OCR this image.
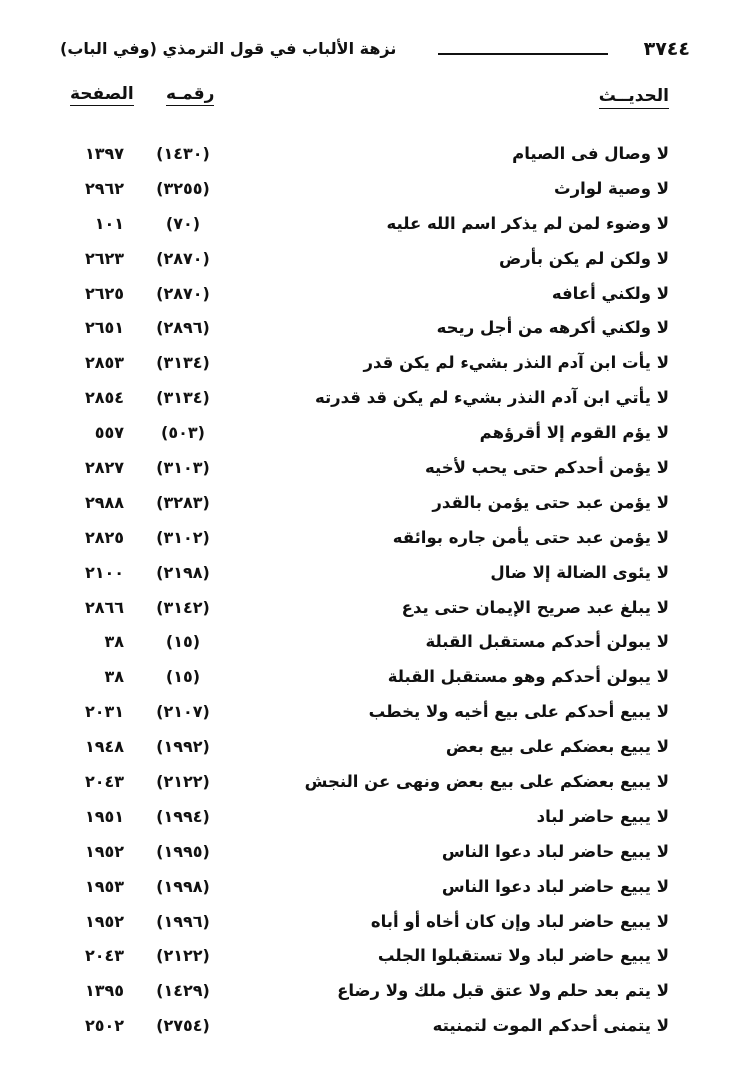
٣٧٤٤
نزهة الألباب في قول الترمذي (وفي الباب)
الحديــث
رقمـه
الصفحة
لا وصال فى الصيام
(١٤٣٠)
١٣٩٧
لا وصية لوارث
(٣٢٥٥)
٢٩٦٢
لا وضوء لمن لم يذكر اسم الله عليه
(٧٠)
١٠١
لا ولكن لم يكن بأرض
(٢٨٧٠)
٢٦٢٣
لا ولكني أعافه
(٢٨٧٠)
٢٦٢٥
لا ولكني أكرهه من أجل ريحه
(٢٨٩٦)
٢٦٥١
لا يأت ابن آدم النذر بشيء لم يكن قدر
(٣١٣٤)
٢٨٥٣
لا يأتي ابن آدم النذر بشيء لم يكن قد قدرته
(٣١٣٤)
٢٨٥٤
لا يؤم القوم إلا أقرؤهم
(٥٠٣)
٥٥٧
لا يؤمن أحدكم حتى يحب لأخيه
(٣١٠٣)
٢٨٢٧
لا يؤمن عبد حتى يؤمن بالقدر
(٣٢٨٣)
٢٩٨٨
لا يؤمن عبد حتى يأمن جاره بوائقه
(٣١٠٢)
٢٨٢٥
لا يئوى الضالة إلا ضال
(٢١٩٨)
٢١٠٠
لا يبلغ عبد صريح الإيمان حتى يدع
(٣١٤٢)
٢٨٦٦
لا يبولن أحدكم مستقبل القبلة
(١٥)
٣٨
لا يبولن أحدكم وهو مستقبل القبلة
(١٥)
٣٨
لا يبيع أحدكم على بيع أخيه ولا يخطب
(٢١٠٧)
٢٠٣١
لا يبيع بعضكم على بيع بعض
(١٩٩٢)
١٩٤٨
لا يبيع بعضكم على بيع بعض ونهى عن النجش
(٢١٢٢)
٢٠٤٣
لا يبيع حاضر لباد
(١٩٩٤)
١٩٥١
لا يبيع حاضر لباد دعوا الناس
(١٩٩٥)
١٩٥٢
لا يبيع حاضر لباد دعوا الناس
(١٩٩٨)
١٩٥٣
لا يبيع حاضر لباد وإن كان أخاه أو أباه
(١٩٩٦)
١٩٥٢
لا يبيع حاضر لباد ولا تستقبلوا الجلب
(٢١٢٢)
٢٠٤٣
لا يتم بعد حلم ولا عتق قبل ملك ولا رضاع
(١٤٢٩)
١٣٩٥
لا يتمنى أحدكم الموت لتمنيته
(٢٧٥٤)
٢٥٠٢
